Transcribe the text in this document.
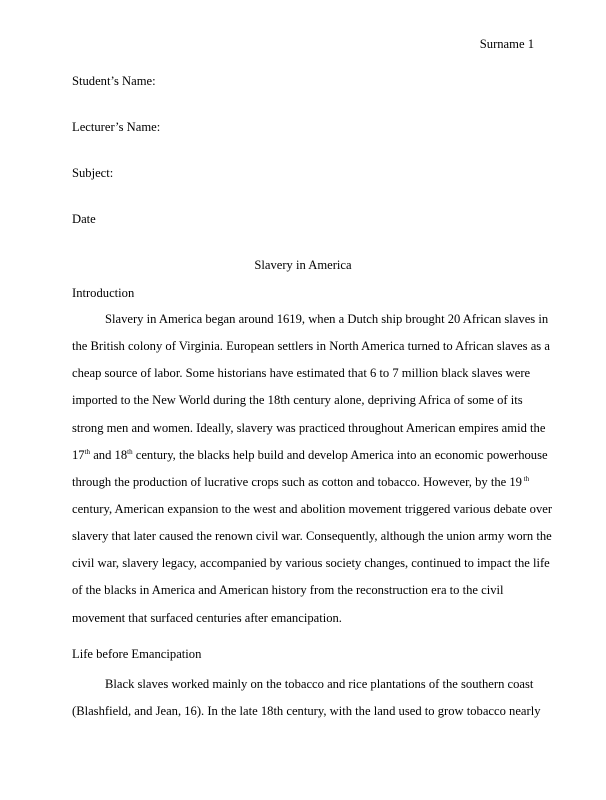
Surname 1
Student’s Name:
Lecturer’s Name:
Subject:
Date
Slavery in America
Introduction
Slavery in America began around 1619, when a Dutch ship brought 20 African slaves in
the British colony of Virginia. European settlers in North America turned to African slaves as a
cheap source of labor. Some historians have estimated that 6 to 7 million black slaves were
imported to the New World during the 18th century alone, depriving Africa of some of its
strong men and women. Ideally, slavery was practiced throughout American empires amid the
17th and 18th century, the blacks help build and develop America into an economic powerhouse
through the production of lucrative crops such as cotton and tobacco. However, by the 19 $^{th}$
century, American expansion to the west and abolition movement triggered various debate over
slavery that later caused the renown civil war. Consequently, although the union army worn the
civil war, slavery legacy, accompanied by various society changes, continued to impact the life
of the blacks in America and American history from the reconstruction era to the civil
movement that surfaced centuries after emancipation.
Life before Emancipation
Black slaves worked mainly on the tobacco and rice plantations of the southern coast
(Blashfield, and Jean, 16). In the late 18th century, with the land used to grow tobacco nearly
